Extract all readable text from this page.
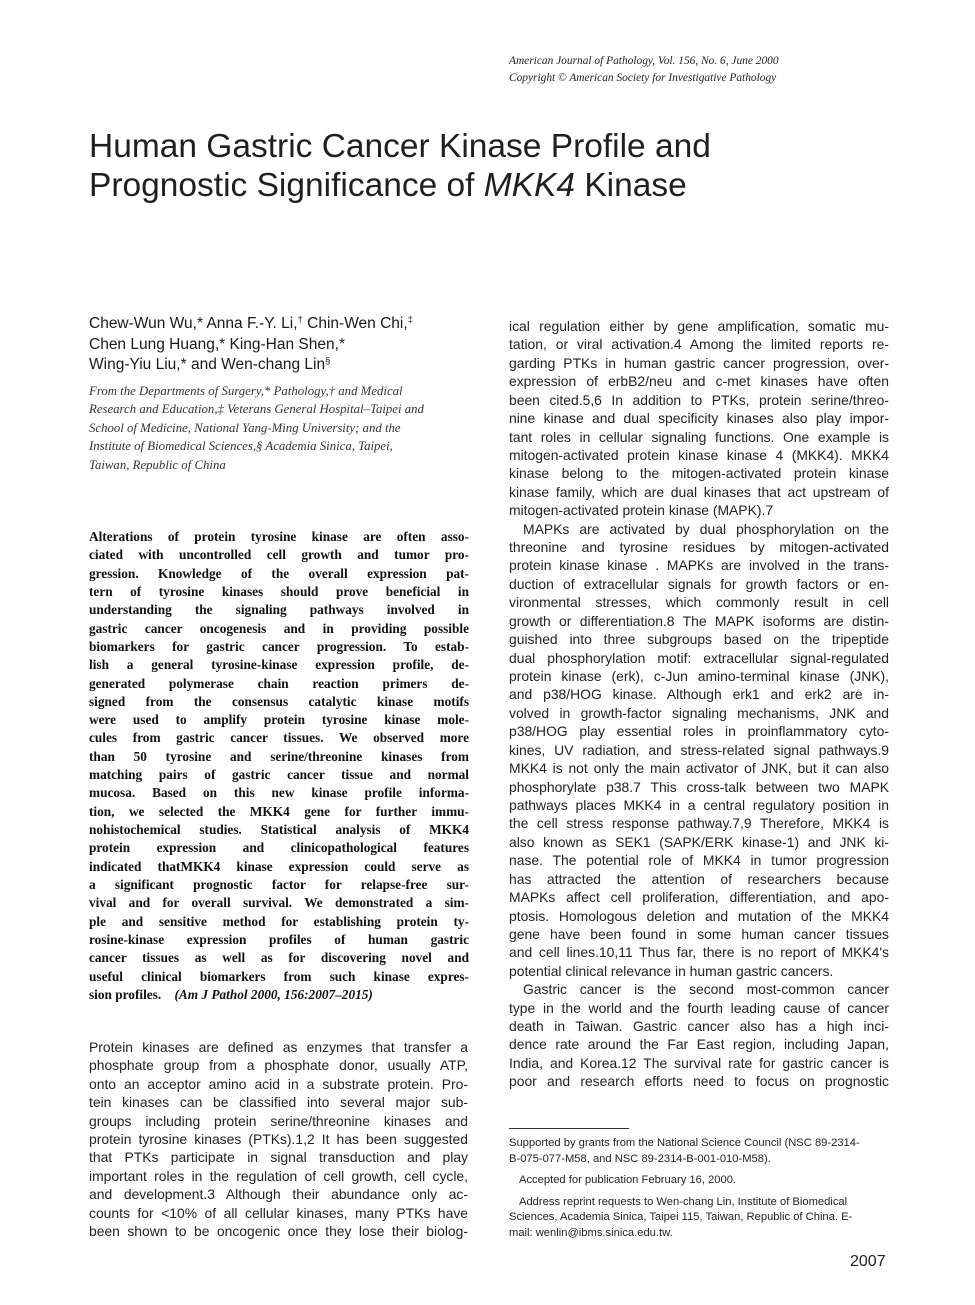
American Journal of Pathology, Vol. 156, No. 6, June 2000
Copyright © American Society for Investigative Pathology
Human Gastric Cancer Kinase Profile and
Prognostic Significance of MKK4 Kinase
Chew-Wun Wu,* Anna F.-Y. Li,† Chin-Wen Chi,‡
Chen Lung Huang,* King-Han Shen,*
Wing-Yiu Liu,* and Wen-chang Lin§
From the Departments of Surgery,* Pathology,† and Medical
Research and Education,‡ Veterans General Hospital–Taipei and
School of Medicine, National Yang-Ming University; and the
Institute of Biomedical Sciences,§ Academia Sinica, Taipei,
Taiwan, Republic of China
Alterations of protein tyrosine kinase are often asso-
ciated with uncontrolled cell growth and tumor pro-
gression. Knowledge of the overall expression pat-
tern of tyrosine kinases should prove beneficial in
understanding the signaling pathways involved in
gastric cancer oncogenesis and in providing possible
biomarkers for gastric cancer progression. To estab-
lish a general tyrosine-kinase expression profile, de-
generated polymerase chain reaction primers de-
signed from the consensus catalytic kinase motifs
were used to amplify protein tyrosine kinase mole-
cules from gastric cancer tissues. We observed more
than 50 tyrosine and serine/threonine kinases from
matching pairs of gastric cancer tissue and normal
mucosa. Based on this new kinase profile informa-
tion, we selected the MKK4 gene for further immu-
nohistochemical studies. Statistical analysis of MKK4
protein expression and clinicopathological features
indicated thatMKK4 kinase expression could serve as
a significant prognostic factor for relapse-free sur-
vival and for overall survival. We demonstrated a sim-
ple and sensitive method for establishing protein ty-
rosine-kinase expression profiles of human gastric
cancer tissues as well as for discovering novel and
useful clinical biomarkers from such kinase expres-
sion profiles. (Am J Pathol 2000, 156:2007–2015)
Protein kinases are defined as enzymes that transfer a
phosphate group from a phosphate donor, usually ATP,
onto an acceptor amino acid in a substrate protein. Pro-
tein kinases can be classified into several major sub-
groups including protein serine/threonine kinases and
protein tyrosine kinases (PTKs).1,2 It has been suggested
that PTKs participate in signal transduction and play
important roles in the regulation of cell growth, cell cycle,
and development.3 Although their abundance only ac-
counts for <10% of all cellular kinases, many PTKs have
been shown to be oncogenic once they lose their biolog-
ical regulation either by gene amplification, somatic mu-
tation, or viral activation.4 Among the limited reports re-
garding PTKs in human gastric cancer progression, over-
expression of erbB2/neu and c-met kinases have often
been cited.5,6 In addition to PTKs, protein serine/threo-
nine kinase and dual specificity kinases also play impor-
tant roles in cellular signaling functions. One example is
mitogen-activated protein kinase kinase 4 (MKK4). MKK4
kinase belong to the mitogen-activated protein kinase
kinase family, which are dual kinases that act upstream of
mitogen-activated protein kinase (MAPK).7
MAPKs are activated by dual phosphorylation on the
threonine and tyrosine residues by mitogen-activated
protein kinase kinase . MAPKs are involved in the trans-
duction of extracellular signals for growth factors or en-
vironmental stresses, which commonly result in cell
growth or differentiation.8 The MAPK isoforms are distin-
guished into three subgroups based on the tripeptide
dual phosphorylation motif: extracellular signal-regulated
protein kinase (erk), c-Jun amino-terminal kinase (JNK),
and p38/HOG kinase. Although erk1 and erk2 are in-
volved in growth-factor signaling mechanisms, JNK and
p38/HOG play essential roles in proinflammatory cyto-
kines, UV radiation, and stress-related signal pathways.9
MKK4 is not only the main activator of JNK, but it can also
phosphorylate p38.7 This cross-talk between two MAPK
pathways places MKK4 in a central regulatory position in
the cell stress response pathway.7,9 Therefore, MKK4 is
also known as SEK1 (SAPK/ERK kinase-1) and JNK ki-
nase. The potential role of MKK4 in tumor progression
has attracted the attention of researchers because
MAPKs affect cell proliferation, differentiation, and apo-
ptosis. Homologous deletion and mutation of the MKK4
gene have been found in some human cancer tissues
and cell lines.10,11 Thus far, there is no report of MKK4's
potential clinical relevance in human gastric cancers.
Gastric cancer is the second most-common cancer
type in the world and the fourth leading cause of cancer
death in Taiwan. Gastric cancer also has a high inci-
dence rate around the Far East region, including Japan,
India, and Korea.12 The survival rate for gastric cancer is
poor and research efforts need to focus on prognostic
Supported by grants from the National Science Council (NSC 89-2314-
B-075-077-M58, and NSC 89-2314-B-001-010-M58).
Accepted for publication February 16, 2000.
Address reprint requests to Wen-chang Lin, Institute of Biomedical
Sciences, Academia Sinica, Taipei 115, Taiwan, Republic of China. E-
mail: wenlin@ibms.sinica.edu.tw.
2007
